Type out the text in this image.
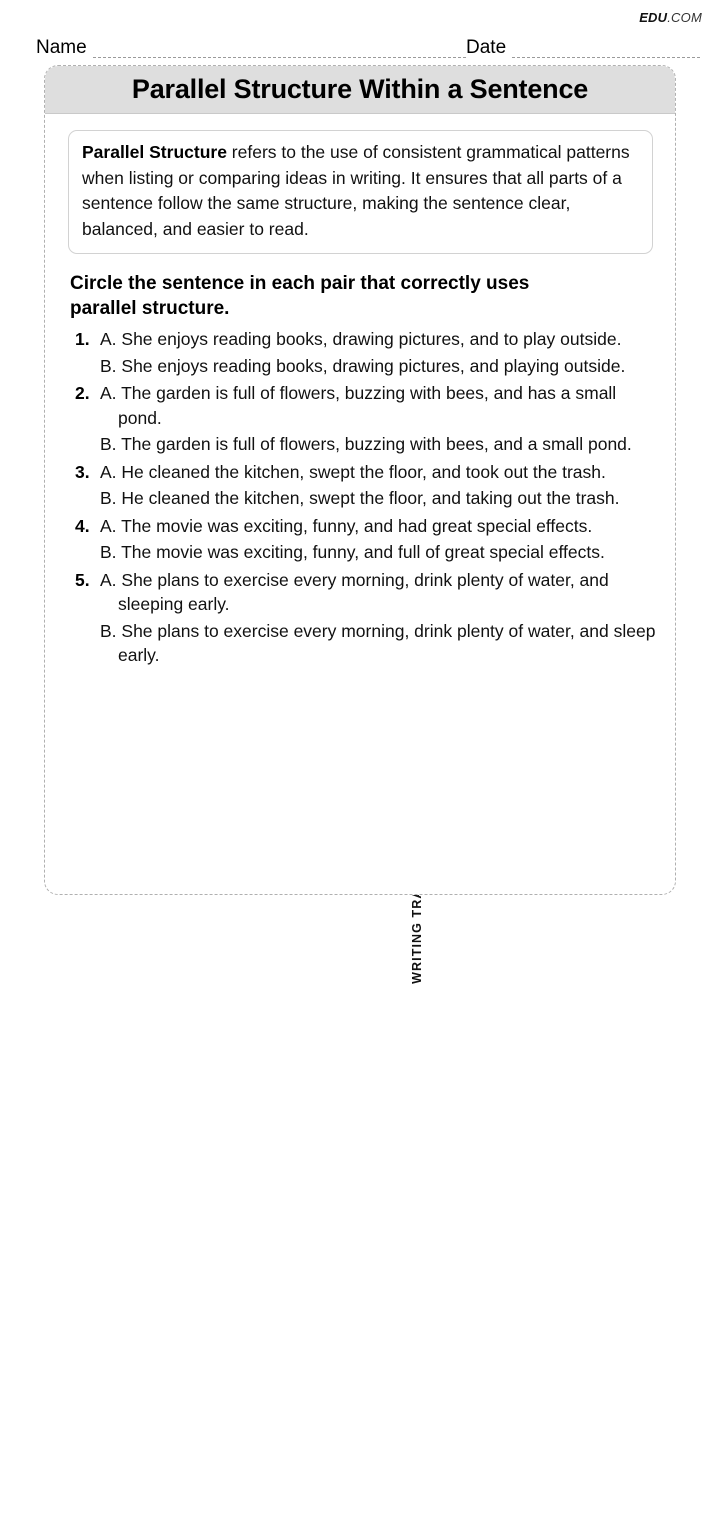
EDU.COM
Name	Date
Parallel Structure Within a Sentence

Parallel Structure refers to the use of consistent grammatical patterns when listing or comparing ideas in writing. It ensures that all parts of a sentence follow the same structure, making the sentence clear, balanced, and easier to read.

Circle the sentence in each pair that correctly uses parallel structure.
1. A. She enjoys reading books, drawing pictures, and to play outside.

B. She enjoys reading books, drawing pictures, and playing outside.

2. A. The garden is full of flowers, buzzing with bees, and has a small pond.

B. The garden is full of flowers, buzzing with bees, and a small pond.

3. A. He cleaned the kitchen, swept the floor, and took out the trash.

B. He cleaned the kitchen, swept the floor, and taking out the trash.

4. A. The movie was exciting, funny, and had great special effects.

B. The movie was exciting, funny, and full of great special effects.

5. A. She plans to exercise every morning, drink plenty of water, and sleeping early.

B. She plans to exercise every morning, drink plenty of water, and sleep early.
